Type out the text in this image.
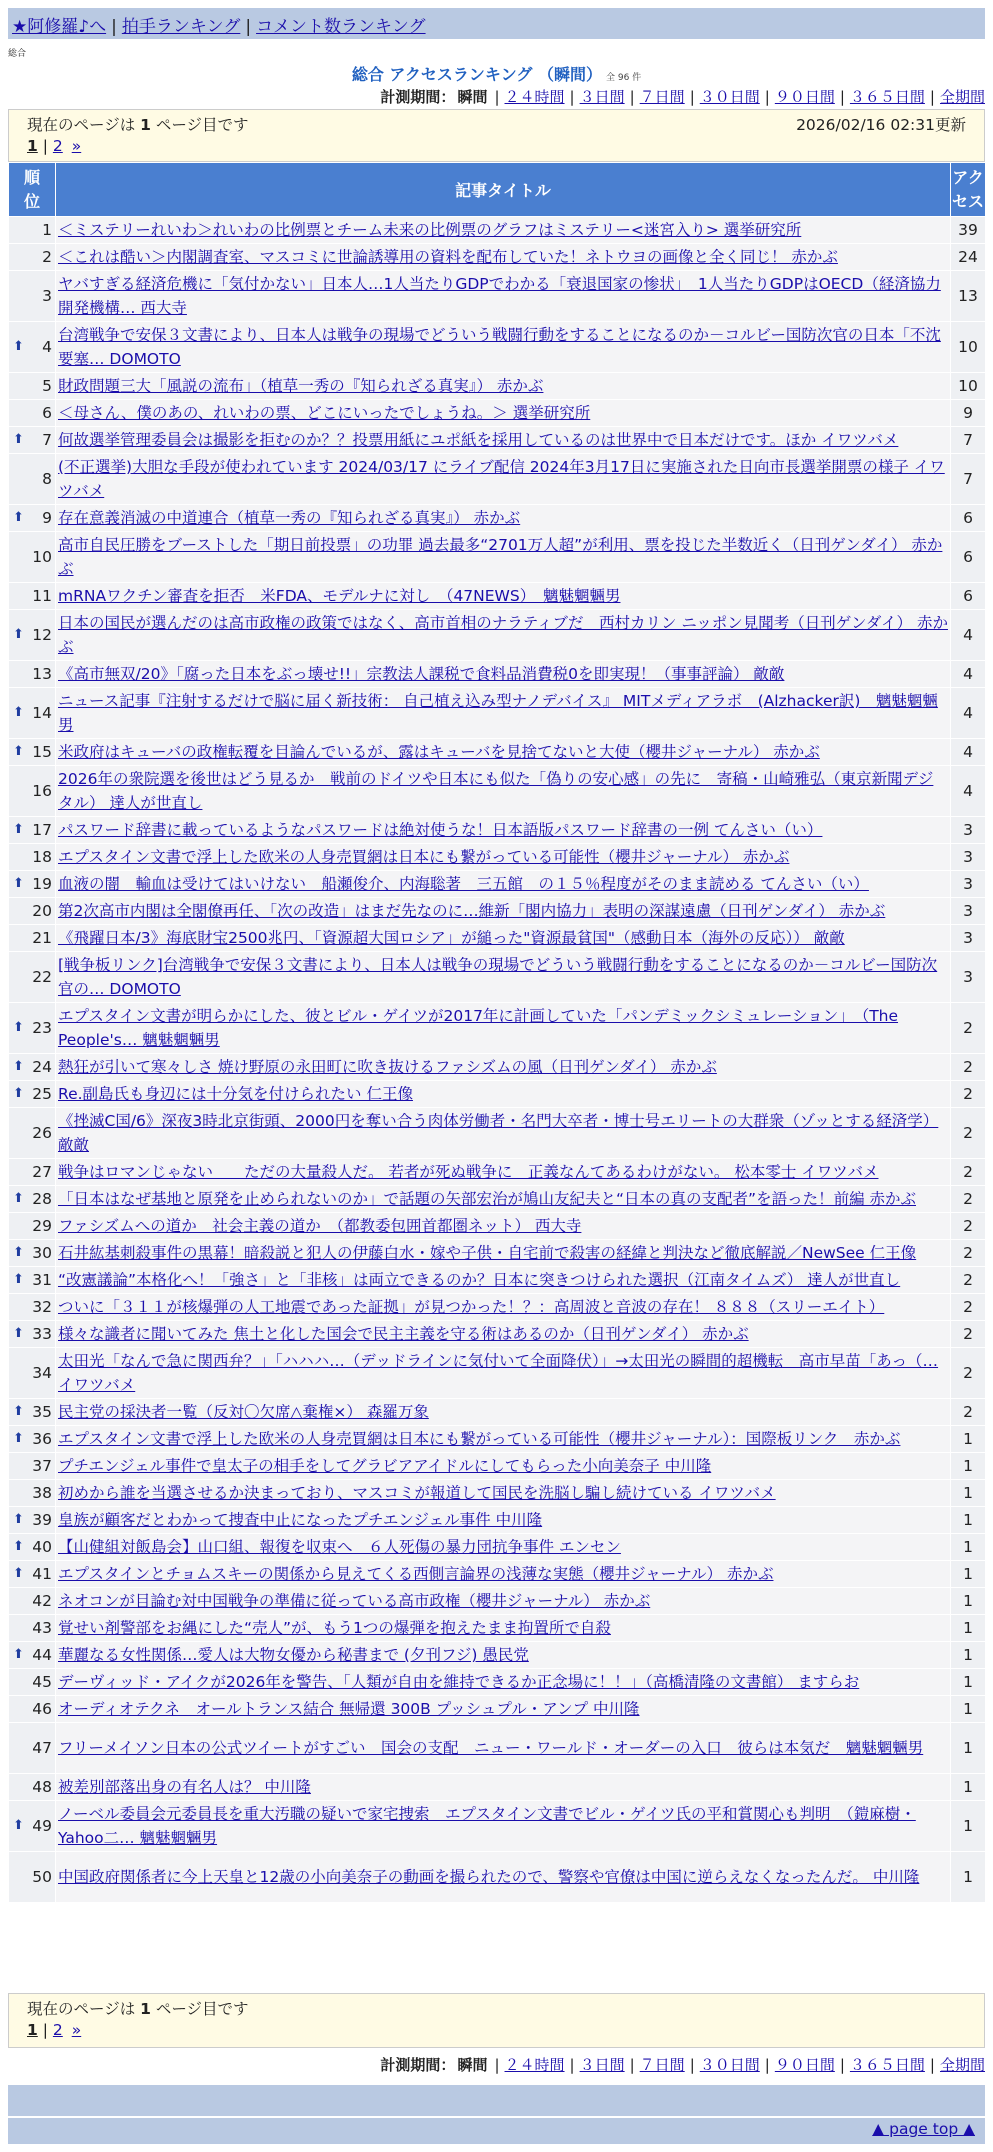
★阿修羅♪へ | 拍手ランキング | コメント数ランキング
総合
総合 アクセスランキング （瞬間） 全 96 件
計測期間： 瞬間 | ２４時間 | ３日間 | ７日間 | ３０日間 | ９０日間 | ３６５日間 | 全期間
現在のページは 1 ページ目です	2026/02/16 02:31更新
1 | 2 »
順位	記事タイトル	アクセス

1	＜ミステリーれいわ＞れいわの比例票とチーム未来の比例票のグラフはミステリー<迷宮入り> 選挙研究所	39
2	＜これは酷い＞内閣調査室、マスコミに世論誘導用の資料を配布していた！ネトウヨの画像と全く同じ！ 赤かぶ	24
3	ヤバすぎる経済危機に「気付かない」日本人…1人当たりGDPでわかる「衰退国家の惨状」　1人当たりGDPはOECD（経済協力開発機構… 西大寺	13

⬆ 4	台湾戦争で安保３文書により、日本人は戦争の現場でどういう戦闘行動をすることになるのか－コルビー国防次官の日本「不沈要塞… DOMOTO	10
5	財政問題三大「風説の流布」（植草一秀の『知られざる真実』） 赤かぶ	10
6	＜母さん、僕のあの、れいわの票、どこにいったでしょうね。＞ 選挙研究所	9

⬆ 7	何故選挙管理委員会は撮影を拒むのか？？投票用紙にユポ紙を採用しているのは世界中で日本だけです。ほか イワツバメ	7
8	(不正選挙)大胆な手段が使われています 2024/03/17 にライブ配信 2024年3月17日に実施された日向市長選挙開票の様子 イワツバメ	7

⬆ 9	存在意義消滅の中道連合（植草一秀の『知られざる真実』） 赤かぶ	6
10	高市自民圧勝をブーストした「期日前投票」の功罪 過去最多“2701万人超”が利用、票を投じた半数近く（日刊ゲンダイ） 赤かぶ	6
11	mRNAワクチン審査を拒否　米FDA、モデルナに対し　（47NEWS）　魑魅魍魎男	6

⬆ 12	日本の国民が選んだのは高市政権の政策ではなく、高市首相のナラティブだ　西村カリン ニッポン見聞考（日刊ゲンダイ） 赤かぶ	4
13	《高市無双/20》「腐った日本をぶっ壊せ!!」宗教法人課税で食料品消費税0を即実現！（事事評論） 敵敵	4

⬆ 14	ニュース記事『注射するだけで脳に届く新技術： 自己植え込み型ナノデバイス』 MITメディアラボ　(Alzhacker訳)　魑魅魍魎男	4

⬆ 15	米政府はキューバの政権転覆を目論んでいるが、露はキューバを見捨てないと大使（櫻井ジャーナル） 赤かぶ	4
16	2026年の衆院選を後世はどう見るか　戦前のドイツや日本にも似た「偽りの安心感」の先に　寄稿・山崎雅弘（東京新聞デジタル） 達人が世直し	4

⬆ 17	パスワード辞書に載っているようなパスワードは絶対使うな！日本語版パスワード辞書の一例 てんさい（い）	3
18	エプスタイン文書で浮上した欧米の人身売買網は日本にも繋がっている可能性（櫻井ジャーナル） 赤かぶ	3

⬆ 19	血液の闇　輸血は受けてはいけない　船瀬俊介、内海聡著　三五館　の１５％程度がそのまま読める てんさい（い）	3
20	第2次高市内閣は全閣僚再任、「次の改造」はまだ先なのに…維新「閣内協力」表明の深謀遠慮（日刊ゲンダイ） 赤かぶ	3
21	《飛躍日本/3》海底財宝2500兆円、「資源超大国ロシア」が縋った"資源最貧国"（感動日本（海外の反応）） 敵敵	3
22	[戦争板リンク]台湾戦争で安保３文書により、日本人は戦争の現場でどういう戦闘行動をすることになるのか－コルビー国防次官の… DOMOTO	3

⬆ 23	エプスタイン文書が明らかにした、彼とビル・ゲイツが2017年に計画していた「パンデミックシミュレーション」　（The People's… 魑魅魍魎男	2

⬆ 24	熱狂が引いて寒々しさ 焼け野原の永田町に吹き抜けるファシズムの風（日刊ゲンダイ） 赤かぶ	2

⬆ 25	Re.副島氏も身辺には十分気を付けられたい 仁王像	2
26	《挫滅C国/6》深夜3時北京街頭、2000円を奪い合う肉体労働者・名門大卒者・博士号エリートの大群衆（ゾッとする経済学） 敵敵	2
27	戦争はロマンじゃない　　ただの大量殺人だ。 若者が死ぬ戦争に　正義なんてあるわけがない。 松本零士 イワツバメ	2

⬆ 28	「日本はなぜ基地と原発を止められないのか」で話題の矢部宏治が鳩山友紀夫と“日本の真の支配者”を語った！前編 赤かぶ	2
29	ファシズムへの道か　社会主義の道か　（都教委包囲首都圏ネット） 西大寺	2

⬆ 30	石井紘基刺殺事件の黒幕！暗殺説と犯人の伊藤白水・嫁や子供・自宅前で殺害の経緯と判決など徹底解説／NewSee 仁王像	2

⬆ 31	“改憲議論”本格化へ！「強さ」と「非核」は両立できるのか？日本に突きつけられた選択（江南タイムズ） 達人が世直し	2
32	ついに「３１１が核爆弾の人工地震であった証拠」が見つかった！？：高周波と音波の存在！ ８８８（スリーエイト）	2

⬆ 33	様々な識者に聞いてみた 焦土と化した国会で民主主義を守る術はあるのか（日刊ゲンダイ） 赤かぶ	2
34	太田光「なんで急に関西弁？」「ハハハ…（デッドラインに気付いて全面降伏）」→太田光の瞬間的超機転　高市早苗「あっ（… イワツバメ	2

⬆ 35	民主党の採決者一覧（反対〇欠席△棄権×） 森羅万象	2

⬆ 36	エプスタイン文書で浮上した欧米の人身売買網は日本にも繋がっている可能性（櫻井ジャーナル）：国際板リンク　赤かぶ	1
37	プチエンジェル事件で皇太子の相手をしてグラビアアイドルにしてもらった小向美奈子 中川隆	1
38	初めから誰を当選させるか決まっており、マスコミが報道して国民を洗脳し騙し続けている イワツバメ	1

⬆ 39	皇族が顧客だとわかって捜査中止になったプチエンジェル事件 中川隆	1

⬆ 40	【山健組対飯島会】山口組、報復を収束へ　６人死傷の暴力団抗争事件 エンセン	1

⬆ 41	エプスタインとチョムスキーの関係から見えてくる西側言論界の浅薄な実態（櫻井ジャーナル） 赤かぶ	1
42	ネオコンが目論む対中国戦争の準備に従っている高市政権（櫻井ジャーナル） 赤かぶ	1
43	覚せい剤警部をお縄にした“売人”が、もう1つの爆弾を抱えたまま拘置所で自殺	1

⬆ 44	華麗なる女性関係…愛人は大物女優から秘書まで (夕刊フジ) 愚民党	1
45	デーヴィッド・アイクが2026年を警告、「人類が自由を維持できるか正念場に！！」（高橋清隆の文書館） ますらお	1
46	オーディオテクネ　オールトランス結合 無帰還 300B プッシュプル・アンプ 中川隆	1
47	フリーメイソン日本の公式ツイートがすごい　国会の支配　ニュー・ワールド・オーダーの入口　彼らは本気だ　魑魅魍魎男	1
48	被差別部落出身の有名人は？ 中川隆	1

⬆ 49	ノーベル委員会元委員長を重大汚職の疑いで家宅捜索　エプスタイン文書でビル・ゲイツ氏の平和賞関心も判明　（鎧麻樹・Yahoo二… 魑魅魍魎男	1
50	中国政府関係者に今上天皇と12歳の小向美奈子の動画を撮られたので、警察や官僚は中国に逆らえなくなったんだ。 中川隆	1
現在のページは 1 ページ目です
1 | 2 »
計測期間： 瞬間 | ２４時間 | ３日間 | ７日間 | ３０日間 | ９０日間 | ３６５日間 | 全期間
▲ page top ▲
